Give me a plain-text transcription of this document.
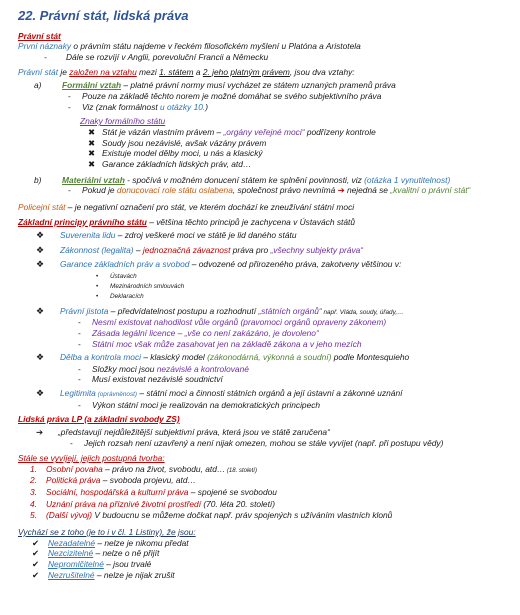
22. Právní stát, lidská práva
Právní stát
První náznaky o právním státu najdeme v řeckém filosofickém myšlení u Platóna a Aristotela
- Dále se rozvíjí v Anglii, porevoluční Francii a Německu
Právní stát je založen na vztahu mezi 1. státem a 2. jeho platným právem, jsou dva vztahy:
a) Formální vztah – platné právní normy musí vycházet ze státem uznaných pramenů práva
- Pouze na základě těchto norem je možné domáhat se svého subjektivního práva
- Viz (znak formálnost u otázky 10.)
Znaky formálního státu
✖ Stát je vázán vlastním právem – „orgány veřejné moci“ podřízeny kontrole
✖ Soudy jsou nezávislé, avšak vázány právem
✖ Existuje model dělby moci, u nás a klasický
✖ Garance základních lidských práv, atd…
b) Materiální vztah - spočívá v možném donucení státem ke splnění povinnosti, viz (otázka 1 vynutitelnost)
- Pokud je donucovací role státu oslabena, společnost právo nevnímá ➔ nejedná se „kvalitní o právní stát“
Policejní stát – je negativní označení pro stát, ve kterém dochází ke zneužívání státní moci
Základní principy právního státu – většina těchto principů je zachycena v Ústavách států
❖ Suverenita lidu – zdroj veškeré moci ve státě je lid daného státu
❖ Zákonnost (legalita) – jednoznačná závaznost práva pro „všechny subjekty práva“
❖ Garance základních práv a svobod – odvozené od přirozeného práva, zakotveny většinou v:
• Ústavách
• Mezinárodních smlouvách
• Deklaracích
❖ Právní jistota – předvídatelnost postupu a rozhodnutí „státních orgánů“ např. Vláda, soudy, úřady,…
- Nesmí existovat nahodilost vůle orgánů (pravomoci orgánů opraveny zákonem)
- Zásada legální licence – „vše co není zakázáno, je dovoleno“
- Státní moc však může zasahovat jen na základě zákona a v jeho mezích
❖ Dělba a kontrola moci – klasický model (zákonodárná, výkonná a soudní) podle Montesquieho
- Složky moci jsou nezávislé a kontrolované
- Musí existovat nezávislé soudnictví
❖ Legitimita (oprávněnost) – státní moci a činnosti státních orgánů a její ústavní a zákonné uznání
- Výkon státní moci je realizován na demokratických principech
Lidská práva LP (a základní svobody ZS)
➔ „představují nejdůležitější subjektivní práva, která jsou ve státě zaručena“
- Jejich rozsah není uzavřený a není nijak omezen, mohou se stále vyvíjet (např. při postupu vědy)
Stále se vyvíjejí, jejich postupná tvorba:
1. Osobní povaha – právo na život, svobodu, atd… (18. století)
2. Politická práva – svoboda projevu, atd…
3. Sociální, hospodářská a kulturní práva – spojené se svobodou
4. Uznání práva na příznivé životní prostředí (70. léta 20. století)
5. (Další vývoj) V budoucnu se můžeme dočkat např. práv spojených s užíváním vlastních klonů
Vychází se z toho (je to i v čl. 1 Listiny), že jsou:
✔ Nezadatelné – nelze je nikomu předat
✔ Nezcizitelné – nelze o ně přijít
✔ Nepromlčitelné – jsou trvalé
✔ Nezrušitelné – nelze je nijak zrušit
